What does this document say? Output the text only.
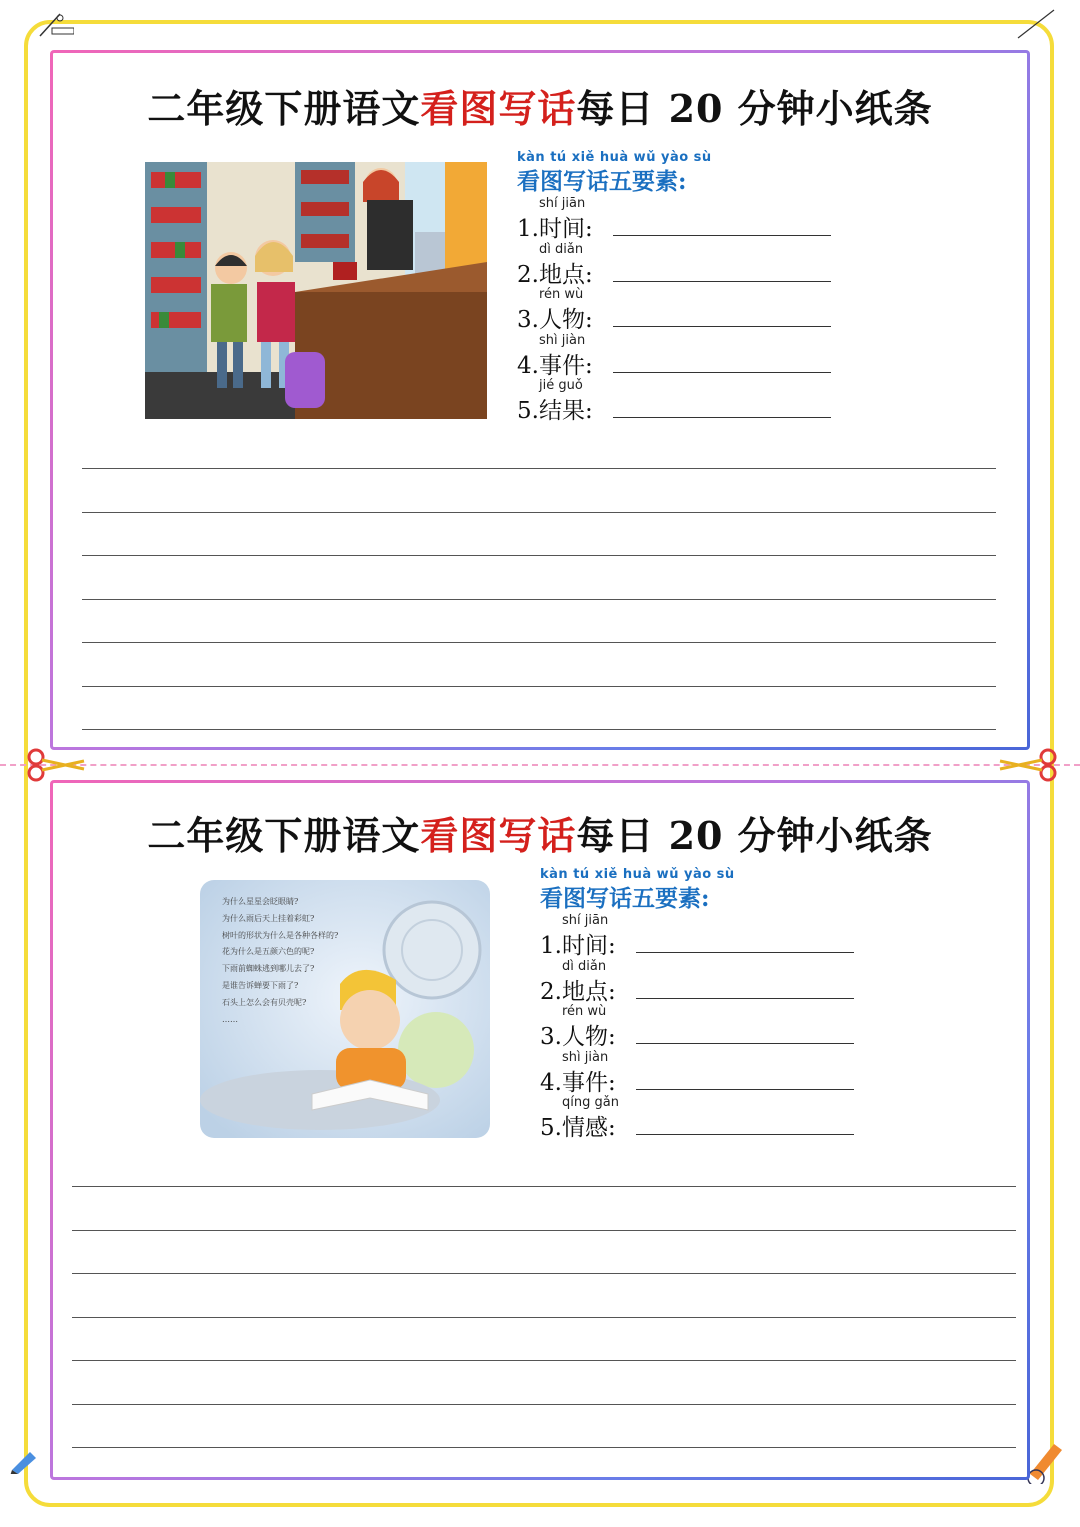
二年级下册语文看图写话每日 20 分钟小纸条
kàn tú xiě huà wǔ yào sù
看图写话五要素:
shí jiān
1.时间:
dì diǎn
2.地点:
rén wù
3.人物:
shì jiàn
4.事件:
jié guǒ
5.结果:
二年级下册语文看图写话每日 20 分钟小纸条
为什么星星会眨眼睛?
为什么雨后天上挂着彩虹?
树叶的形状为什么是各种各样的?
花为什么是五颜六色的呢?
下雨前蜘蛛逃到哪儿去了?
是谁告诉蝉要下雨了?
石头上怎么会有贝壳呢?
……
kàn tú xiě huà wǔ yào sù
看图写话五要素:
shí jiān
1.时间:
dì diǎn
2.地点:
rén wù
3.人物:
shì jiàn
4.事件:
qíng gǎn
5.情感:
